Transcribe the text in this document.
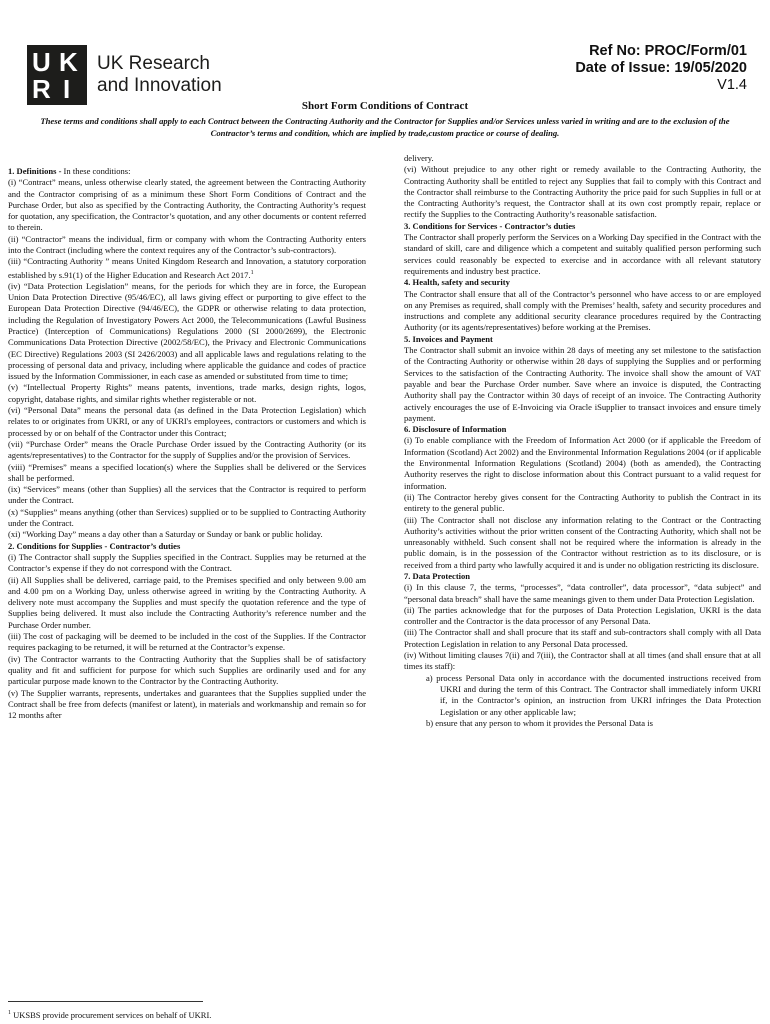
U K
R I
UK Research
and Innovation
Ref No: PROC/Form/01
Date of Issue: 19/05/2020
V1.4
Short Form Conditions of Contract
These terms and conditions shall apply to each Contract between the Contracting Authority and the Contractor for Supplies and/or Services unless varied in writing and are to the exclusion of the Contractor’s terms and condition, which are implied by trade,custom practice or course of dealing.

1. Definitions - In these conditions:

(i) “Contract” means, unless otherwise clearly stated, the agreement between the Contracting Authority and the Contractor comprising of as a minimum these Short Form Conditions of Contract and the Purchase Order, but also as specified by the Contracting Authority, the Contracting Authority’s request for quotation, any specification, the Contractor’s quotation, and any other documents or content referred to therein.

(ii) “Contractor” means the individual, firm or company with whom the Contracting Authority enters into the Contract (including where the context requires any of the Contractor’s sub-contractors).

(iii) “Contracting Authority ” means United Kingdom Research and Innovation, a statutory corporation established by s.91(1) of the Higher Education and Research Act 2017.$^1$

(iv) “Data Protection Legislation” means, for the periods for which they are in force, the European Union Data Protection Directive (95/46/EC), all laws giving effect or purporting to give effect to the European Data Protection Directive (94/46/EC), the GDPR or otherwise relating to data protection, including the Regulation of Investigatory Powers Act 2000, the Telecommunications (Lawful Business Practice) (Interception of Communications) Regulations 2000 (SI 2000/2699), the Electronic Communications Data Protection Directive (2002/58/EC), the Privacy and Electronic Communications (EC Directive) Regulations 2003 (SI 2426/2003) and all applicable laws and regulations relating to the processing of personal data and privacy, including where applicable the guidance and codes of practice issued by the Information Commissioner, in each case as amended or substituted from time to time;

(v) “Intellectual Property Rights” means patents, inventions, trade marks, design rights, logos, copyright, database rights, and similar rights whether registerable or not.

(vi) “Personal Data” means the personal data (as defined in the Data Protection Legislation) which relates to or originates from UKRI, or any of UKRI's employees, contractors or customers and which is processed by or on behalf of the Contractor under this Contract;

(vii) “Purchase Order” means the Oracle Purchase Order issued by the Contracting Authority (or its agents/representatives) to the Contractor for the supply of Supplies and/or the provision of Services.

(viii) “Premises” means a specified location(s) where the Supplies shall be delivered or the Services shall be performed.

(ix) “Services” means (other than Supplies) all the services that the Contractor is required to perform under the Contract.

(x) “Supplies” means anything (other than Services) supplied or to be supplied to Contracting Authority under the Contract.

(xi) “Working Day” means a day other than a Saturday or Sunday or bank or public holiday.

2. Conditions for Supplies - Contractor’s duties

(i) The Contractor shall supply the Supplies specified in the Contract. Supplies may be returned at the Contractor’s expense if they do not correspond with the Contract.

(ii) All Supplies shall be delivered, carriage paid, to the Premises specified and only between 9.00 am and 4.00 pm on a Working Day, unless otherwise agreed in writing by the Contracting Authority. A delivery note must accompany the Supplies and must specify the quotation reference and the type of Supplies being delivered. It must also include the Contracting Authority’s reference number and the Purchase Order number.

(iii) The cost of packaging will be deemed to be included in the cost of the Supplies. If the Contractor requires packaging to be returned, it will be returned at the Contractor’s expense.

(iv) The Contractor warrants to the Contracting Authority that the Supplies shall be of satisfactory quality and fit and sufficient for purpose for which such Supplies are ordinarily used and for any particular purpose made known to the Contractor by the Contracting Authority.

(v) The Supplier warrants, represents, undertakes and guarantees that the Supplies supplied under the Contract shall be free from defects (manifest or latent), in materials and workmanship and remain so for 12 months after

delivery.

(vi) Without prejudice to any other right or remedy available to the Contracting Authority, the Contracting Authority shall be entitled to reject any Supplies that fail to comply with this Contract and the Contractor shall reimburse to the Contracting Authority the price paid for such Supplies in full or at the Contracting Authority’s request, the Contractor shall at its own cost promptly repair, replace or rectify the Supplies to the Contracting Authority’s reasonable satisfaction.

3. Conditions for Services - Contractor’s duties

The Contractor shall properly perform the Services on a Working Day specified in the Contract with the standard of skill, care and diligence which a competent and suitably qualified person performing such services could reasonably be expected to exercise and in accordance with all relevant statutory requirements and industry best practice.

4. Health, safety and security

The Contractor shall ensure that all of the Contractor’s personnel who have access to or are employed on any Premises as required, shall comply with the Premises’ health, safety and security procedures and instructions and complete any additional security clearance procedures required by the Contracting Authority (or its agents/representatives) before working at the Premises.

5. Invoices and Payment

The Contractor shall submit an invoice within 28 days of meeting any set milestone to the satisfaction of the Contracting Authority or otherwise within 28 days of supplying the Supplies and or performing Services to the satisfaction of the Contracting Authority. The invoice shall show the amount of VAT payable and bear the Purchase Order number. Save where an invoice is disputed, the Contracting Authority shall pay the Contractor within 30 days of receipt of an invoice. The Contracting Authority actively encourages the use of E-Invoicing via Oracle iSupplier to transact invoices and ensure timely payment.

6. Disclosure of Information

(i) To enable compliance with the Freedom of Information Act 2000 (or if applicable the Freedom of Information (Scotland) Act 2002) and the Environmental Information Regulations 2004 (or if applicable the Environmental Information Regulations (Scotland) 2004) (both as amended), the Contracting Authority reserves the right to disclose information about this Contract pursuant to a valid request for information.

(ii) The Contractor hereby gives consent for the Contracting Authority to publish the Contract in its entirety to the general public.

(iii) The Contractor shall not disclose any information relating to the Contract or the Contracting Authority’s activities without the prior written consent of the Contracting Authority, which shall not be unreasonably withheld. Such consent shall not be required where the information is already in the public domain, is in the possession of the Contractor without restriction as to its disclosure, or is received from a third party who lawfully acquired it and is under no obligation restricting its disclosure.

7. Data Protection

(i) In this clause 7, the terms, “processes”, “data controller”, data processor”, “data subject” and “personal data breach” shall have the same meanings given to them under Data Protection Legislation.

(ii) The parties acknowledge that for the purposes of Data Protection Legislation, UKRI is the data controller and the Contractor is the data processor of any Personal Data.

(iii) The Contractor shall and shall procure that its staff and sub-contractors shall comply with all Data Protection Legislation in relation to any Personal Data processed.

(iv) Without limiting clauses 7(ii) and 7(iii), the Contractor shall at all times (and shall ensure that at all times its staff):

a) process Personal Data only in accordance with the documented instructions received from UKRI and during the term of this Contract. The Contractor shall immediately inform UKRI if, in the Contractor’s opinion, an instruction from UKRI infringes the Data Protection Legislation or any other applicable law;

b) ensure that any person to whom it provides the Personal Data is

$^1$ UKSBS provide procurement services on behalf of UKRI.
